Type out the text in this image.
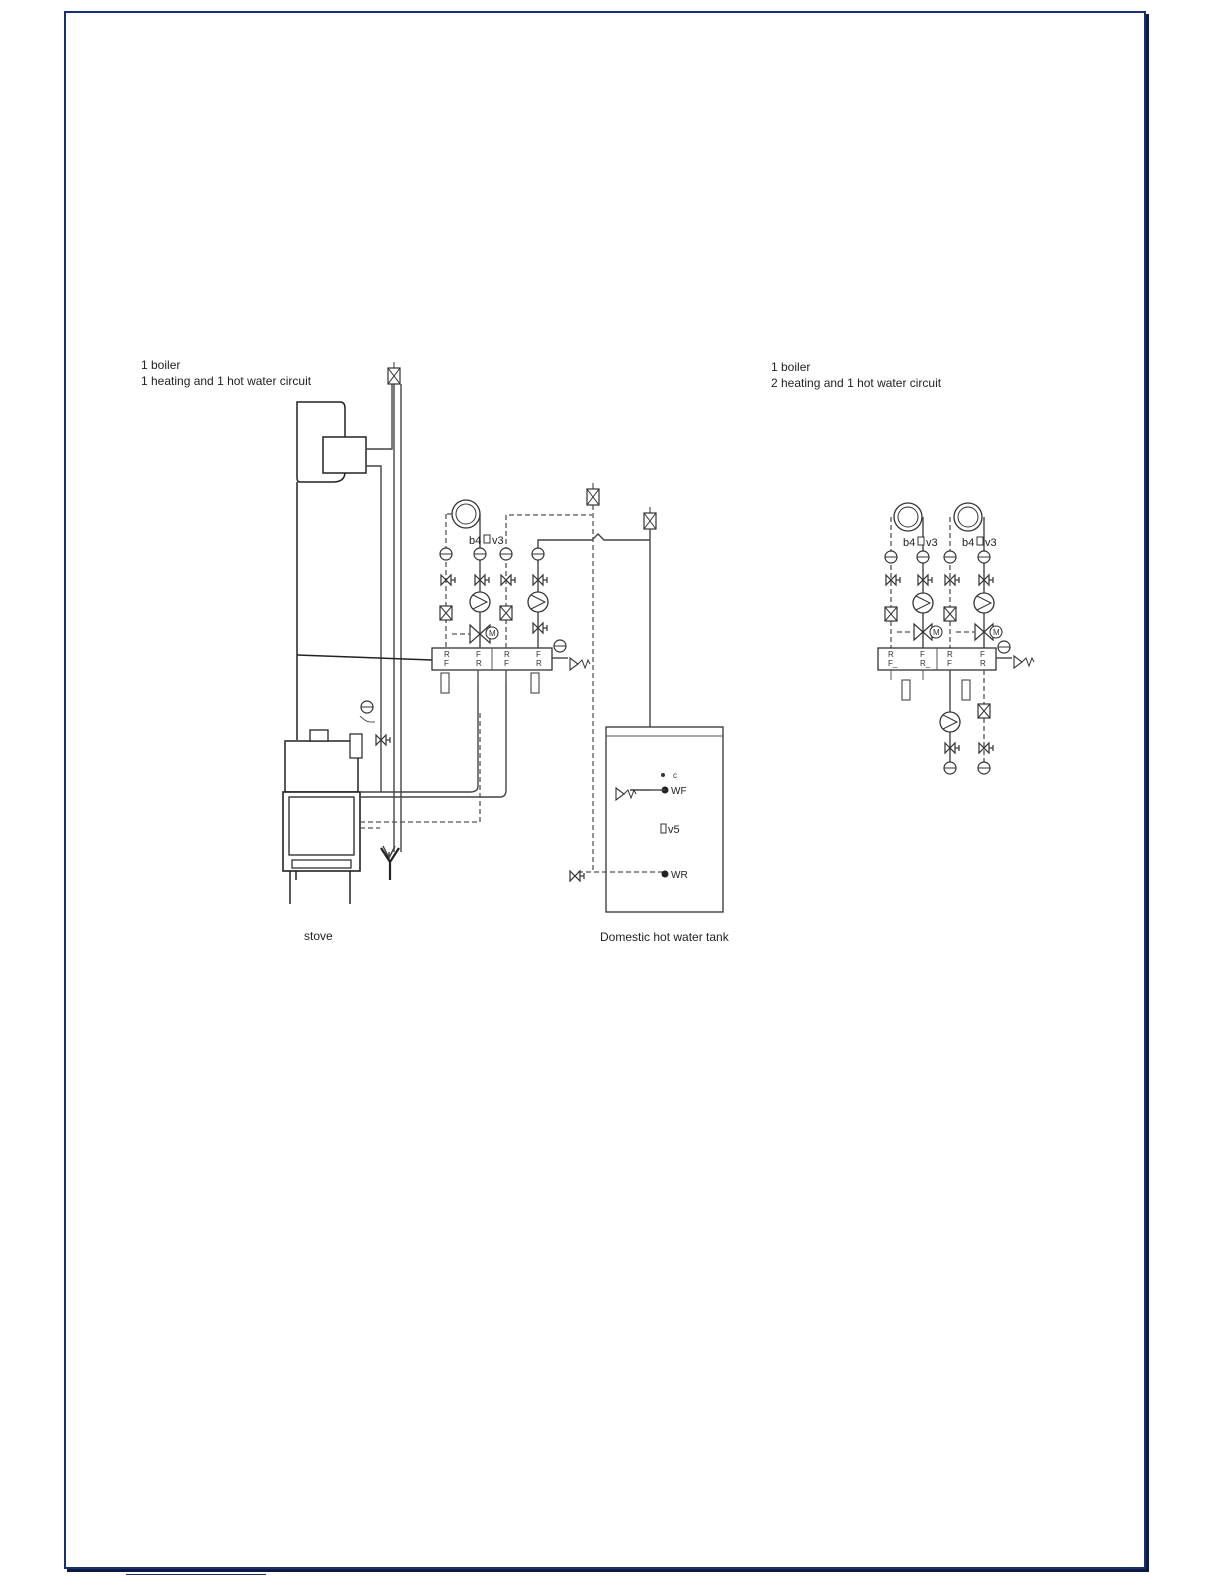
R
F
F
R
R
F
F
R
M
b4 v3
c
WF
v5
WR
M	M
b4 v3 b4 v3
R
F_
F
R_
R
F
F
R
1 boiler
1 heating and 1 hot water circuit
1 boiler
2 heating and 1 hot water circuit
stove	Domestic hot water tank
